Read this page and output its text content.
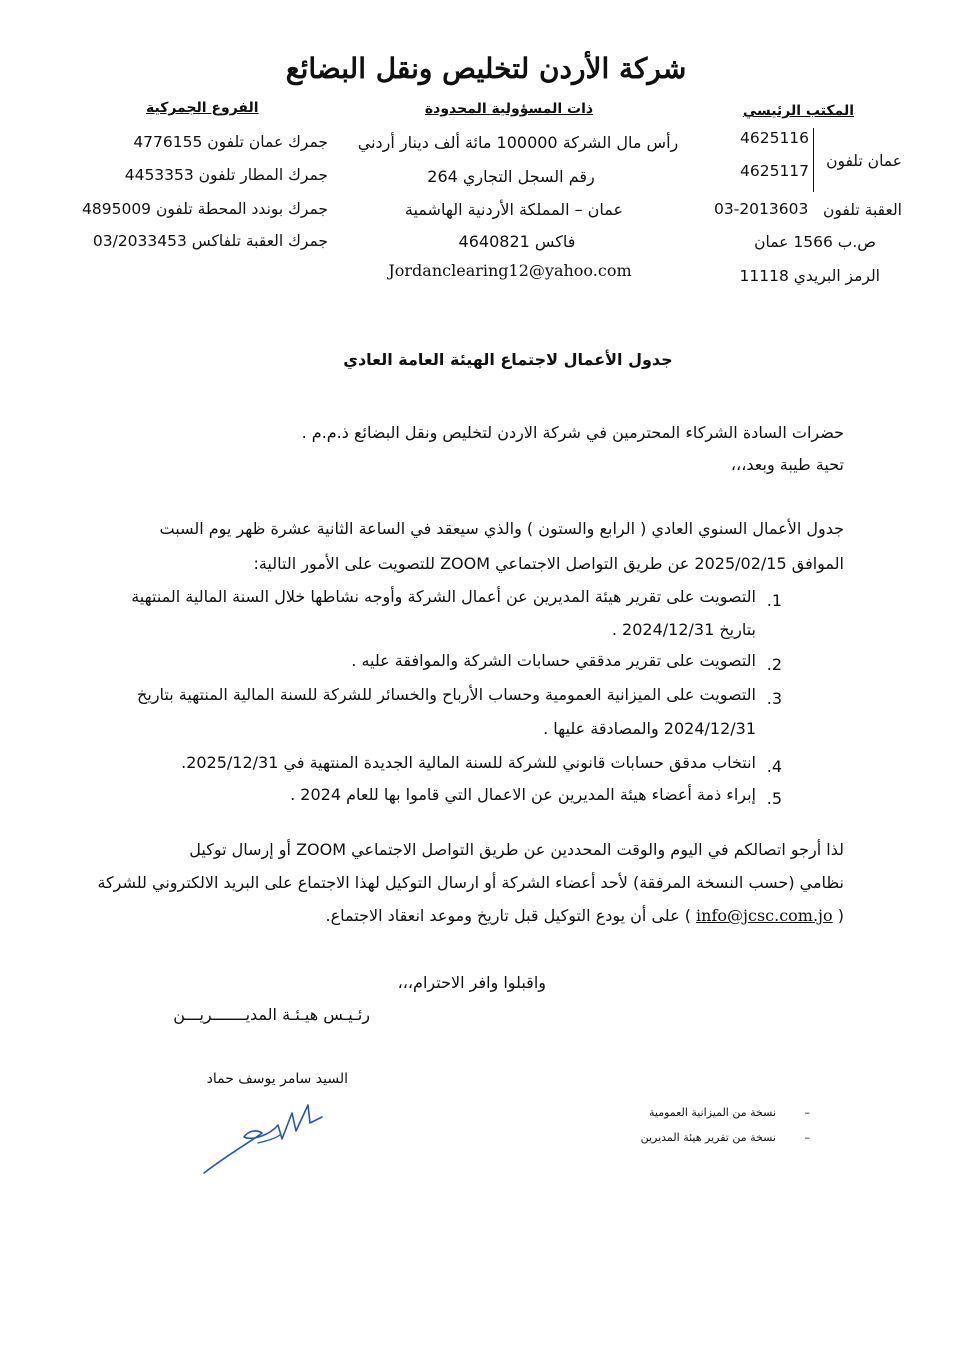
شركة الأردن لتخليص ونقل البضائع
المكتب الرئيسي
عمان تلفون
4625116
4625117
العقبة تلفون
03-2013603
ص.ب 1566 عمان
الرمز البريدي 11118
ذات المسؤولية المحدودة
رأس مال الشركة 100000 مائة ألف دينار أردني
رقم السجل التجاري 264
عمان – المملكة الأردنية الهاشمية
فاكس 4640821
Jordanclearing12@yahoo.com
الفروع الجمركية
جمرك عمان تلفون 4776155
جمرك المطار تلفون 4453353
جمرك بوندد المحطة تلفون 4895009
جمرك العقبة تلفاكس 03/2033453
جدول الأعمال لاجتماع الهيئة العامة العادي
حضرات السادة الشركاء المحترمين في شركة الاردن لتخليص ونقل البضائع ذ.م.م .
تحية طيبة وبعد،،،
جدول الأعمال السنوي العادي ( الرابع والستون ) والذي سيعقد في الساعة الثانية عشرة ظهر يوم السبت
الموافق 2025/02/15 عن طريق التواصل الاجتماعي ZOOM للتصويت على الأمور التالية:
1.
التصويت على تقرير هيئة المديرين عن أعمال الشركة وأوجه نشاطها خلال السنة المالية المنتهية
بتاريخ 2024/12/31 .
2.
التصويت على تقرير مدققي حسابات الشركة والموافقة عليه .
3.
التصويت على الميزانية العمومية وحساب الأرباح والخسائر للشركة للسنة المالية المنتهية بتاريخ
2024/12/31 والمصادقة عليها .
4.
انتخاب مدقق حسابات قانوني للشركة للسنة المالية الجديدة المنتهية في 2025/12/31.
5.
إبراء ذمة أعضاء هيئة المديرين عن الاعمال التي قاموا بها للعام 2024 .
لذا أرجو اتصالكم في اليوم والوقت المحددين عن طريق التواصل الاجتماعي ZOOM أو إرسال توكيل
نظامي (حسب النسخة المرفقة) لأحد أعضاء الشركة أو ارسال التوكيل لهذا الاجتماع على البريد الالكتروني للشركة
( info@jcsc.com.jo ) على أن يودع التوكيل قبل تاريخ وموعد انعقاد الاجتماع.
واقبلوا وافر الاحترام،،،
رئـيـس هيـئـة المديـــــــريـــن
السيد سامر يوسف حماد
–
نسخة من الميزانية العمومية
–
نسخة من تقرير هيئة المديرين
